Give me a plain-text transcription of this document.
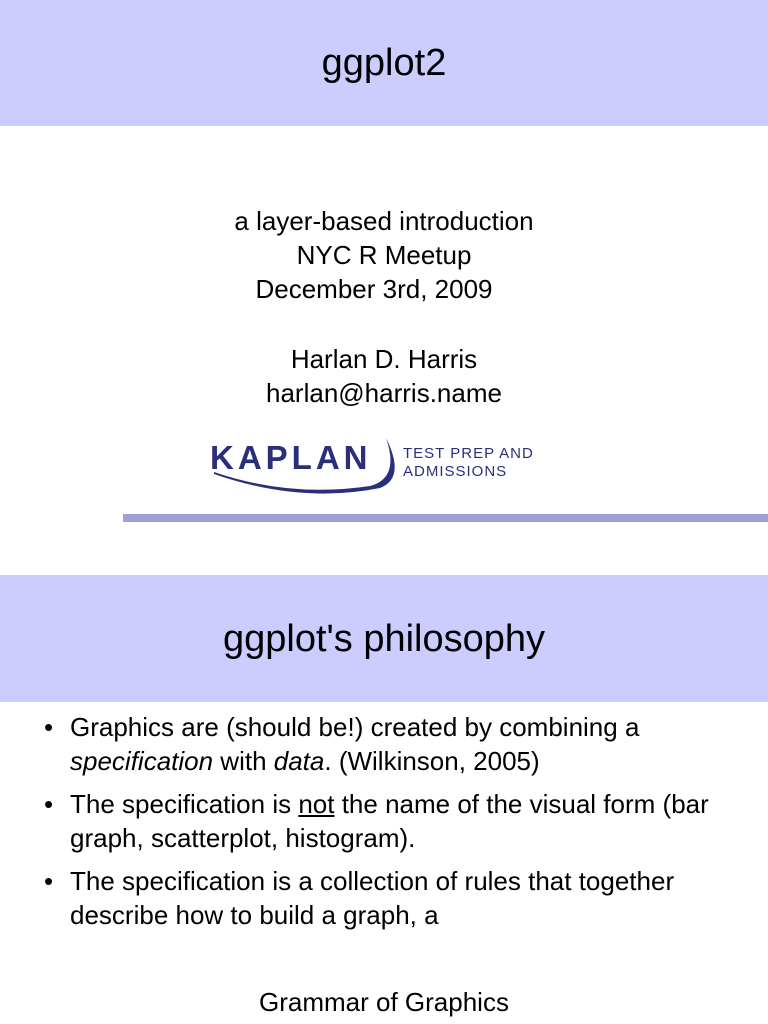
ggplot2
a layer-based introduction
NYC R Meetup
December 3rd, 2009
Harlan D. Harris
harlan@harris.name
KAPLAN TEST PREP AND
ADMISSIONS
ggplot's philosophy
• Graphics are (should be!) created by combining a specification with data. (Wilkinson, 2005)
• The specification is not the name of the visual form (bar graph, scatterplot, histogram).
• The specification is a collection of rules that together describe how to build a graph, a
Grammar of Graphics
